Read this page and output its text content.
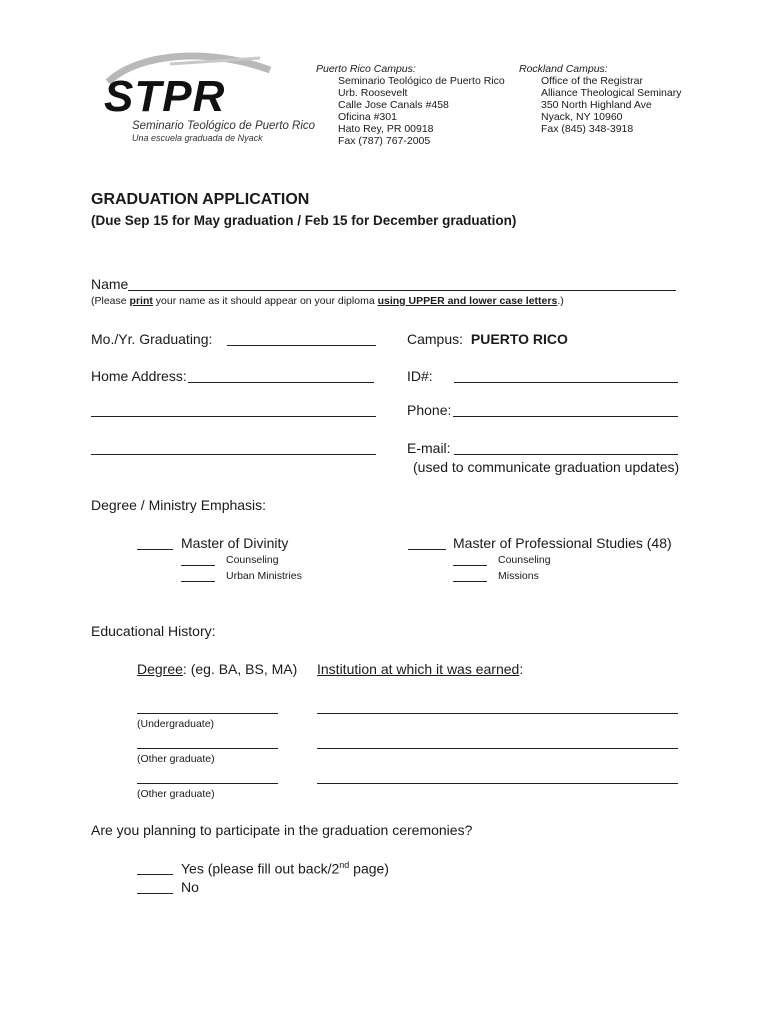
STPR
Seminario Teológico de Puerto Rico
Una escuela graduada de Nyack
Puerto Rico Campus:
Seminario Teológico de Puerto Rico
Urb. Roosevelt
Calle Jose Canals #458
Oficina #301
Hato Rey, PR 00918
Fax (787) 767-2005
Rockland Campus:
Office of the Registrar
Alliance Theological Seminary
350 North Highland Ave
Nyack, NY 10960
Fax (845) 348-3918
GRADUATION APPLICATION
(Due Sep 15 for May graduation / Feb 15 for December graduation)
Name
(Please print your name as it should appear on your diploma using UPPER and lower case letters.)
Mo./Yr. Graduating:	Campus: PUERTO RICO
Home Address:	ID#:
Phone:
E-mail:
(used to communicate graduation updates)
Degree / Ministry Emphasis:
Master of Divinity
Counseling
Urban Ministries
Master of Professional Studies (48)
Counseling
Missions
Educational History:
Degree: (eg. BA, BS, MA) Institution at which it was earned:
(Undergraduate)
(Other graduate)
(Other graduate)
Are you planning to participate in the graduation ceremonies?
Yes (please fill out back/2nd page)
No
